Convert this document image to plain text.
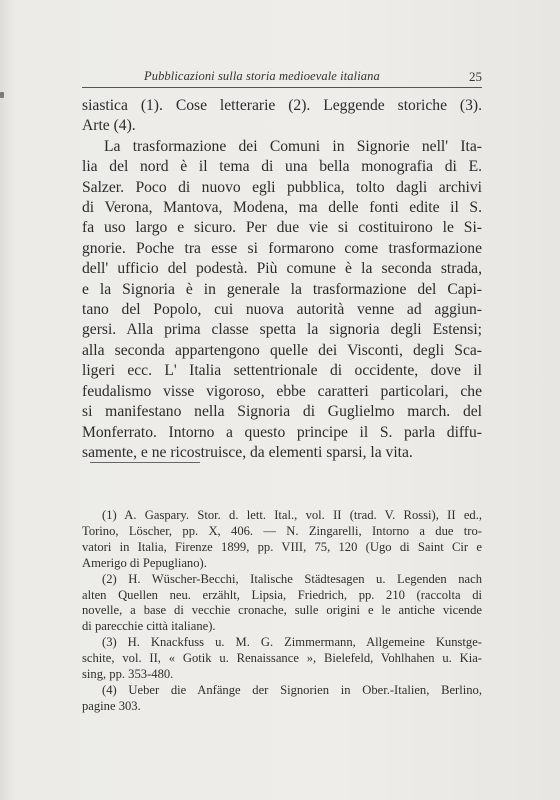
Pubblicazioni sulla storia medioevale italiana	25
siastica (1). Cose letterarie (2). Leggende storiche (3).
Arte (4).
La trasformazione dei Comuni in Signorie nell' Ita-
lia del nord è il tema di una bella monografia di E.
Salzer. Poco di nuovo egli pubblica, tolto dagli archivi
di Verona, Mantova, Modena, ma delle fonti edite il S.
fa uso largo e sicuro. Per due vie si costituirono le Si-
gnorie. Poche tra esse si formarono come trasformazione
dell' ufficio del podestà. Più comune è la seconda strada,
e la Signoria è in generale la trasformazione del Capi-
tano del Popolo, cui nuova autorità venne ad aggiun-
gersi. Alla prima classe spetta la signoria degli Estensi;
alla seconda appartengono quelle dei Visconti, degli Sca-
ligeri ecc. L' Italia settentrionale di occidente, dove il
feudalismo visse vigoroso, ebbe caratteri particolari, che
si manifestano nella Signoria di Guglielmo march. del
Monferrato. Intorno a questo principe il S. parla diffu-
samente, e ne ricostruisce, da elementi sparsi, la vita.
(1) A. Gaspary. Stor. d. lett. Ital., vol. II (trad. V. Rossi), II ed.,
Torino, Löscher, pp. X, 406. — N. Zingarelli, Intorno a due tro-
vatori in Italia, Firenze 1899, pp. VIII, 75, 120 (Ugo di Saint Cir e
Amerigo di Pepugliano).
(2) H. Wüscher-Becchi, Italische Städtesagen u. Legenden nach
alten Quellen neu. erzählt, Lipsia, Friedrich, pp. 210 (raccolta di
novelle, a base di vecchie cronache, sulle origini e le antiche vicende
di parecchie città italiane).
(3) H. Knackfuss u. M. G. Zimmermann, Allgemeine Kunstge-
schite, vol. II, « Gotik u. Renaissance », Bielefeld, Vohlhahen u. Kia-
sing, pp. 353-480.
(4) Ueber die Anfänge der Signorien in Ober.-Italien, Berlino,
pagine 303.
